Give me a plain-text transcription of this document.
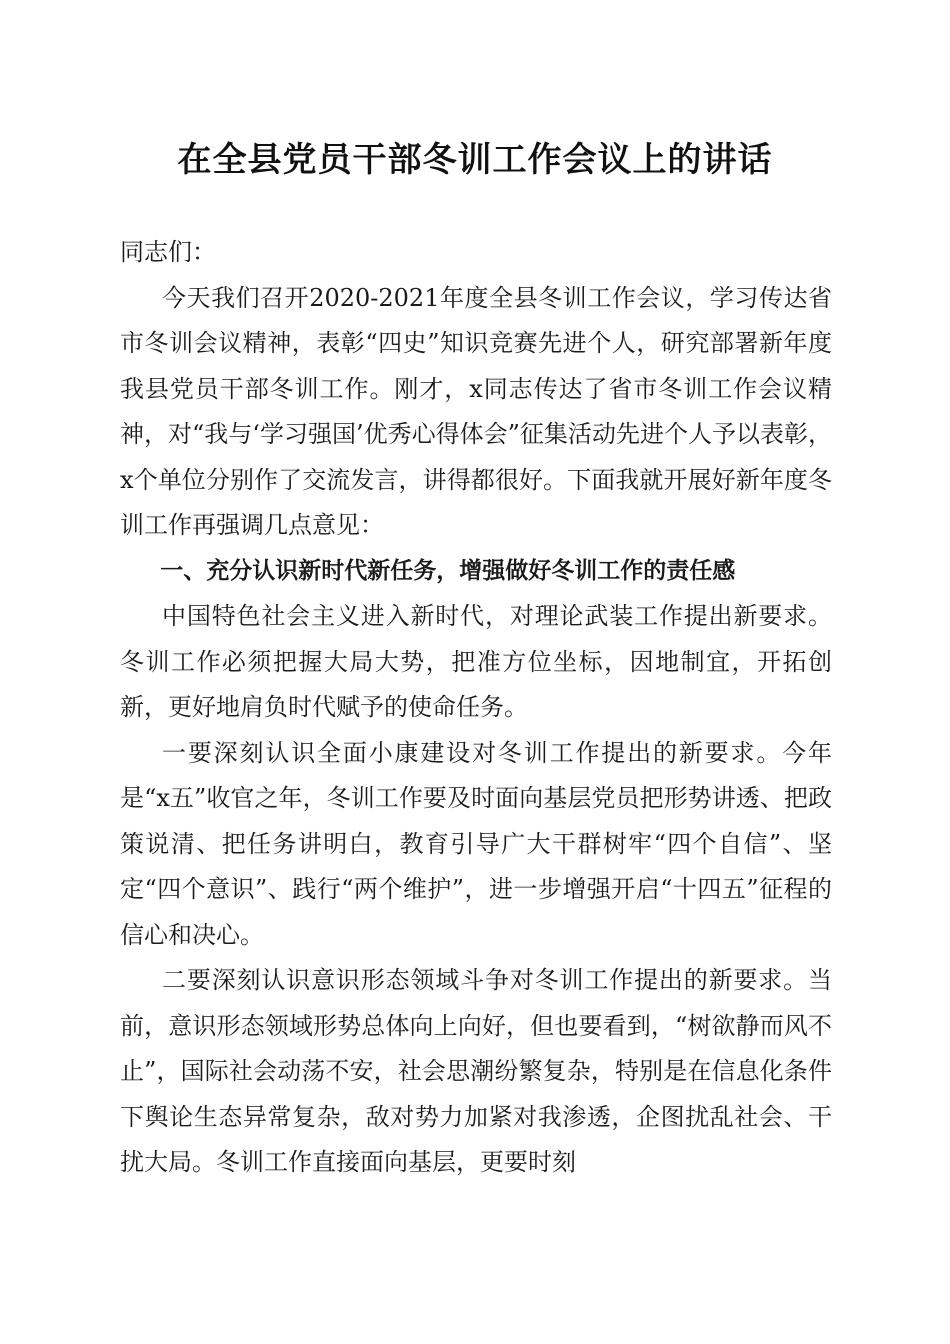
在全县党员干部冬训工作会议上的讲话

同志们：

今天我们召开2020-2021年度全县冬训工作会议，学习传达省市冬训会议精神，表彰“四史”知识竞赛先进个人，研究部署新年度我县党员干部冬训工作。刚才，x同志传达了省市冬训工作会议精神，对“我与‘学习强国’优秀心得体会”征集活动先进个人予以表彰，x个单位分别作了交流发言，讲得都很好。下面我就开展好新年度冬训工作再强调几点意见：

一、充分认识新时代新任务，增强做好冬训工作的责任感

中国特色社会主义进入新时代，对理论武装工作提出新要求。冬训工作必须把握大局大势，把准方位坐标，因地制宜，开拓创新，更好地肩负时代赋予的使命任务。

一要深刻认识全面小康建设对冬训工作提出的新要求。今年是“x五”收官之年，冬训工作要及时面向基层党员把形势讲透、把政策说清、把任务讲明白，教育引导广大干群树牢“四个自信”、坚定“四个意识”、践行“两个维护”，进一步增强开启“十四五”征程的信心和决心。

二要深刻认识意识形态领域斗争对冬训工作提出的新要求。当前，意识形态领域形势总体向上向好，但也要看到，“树欲静而风不止”，国际社会动荡不安，社会思潮纷繁复杂，特别是在信息化条件下舆论生态异常复杂，敌对势力加紧对我渗透，企图扰乱社会、干扰大局。冬训工作直接面向基层，更要时刻
